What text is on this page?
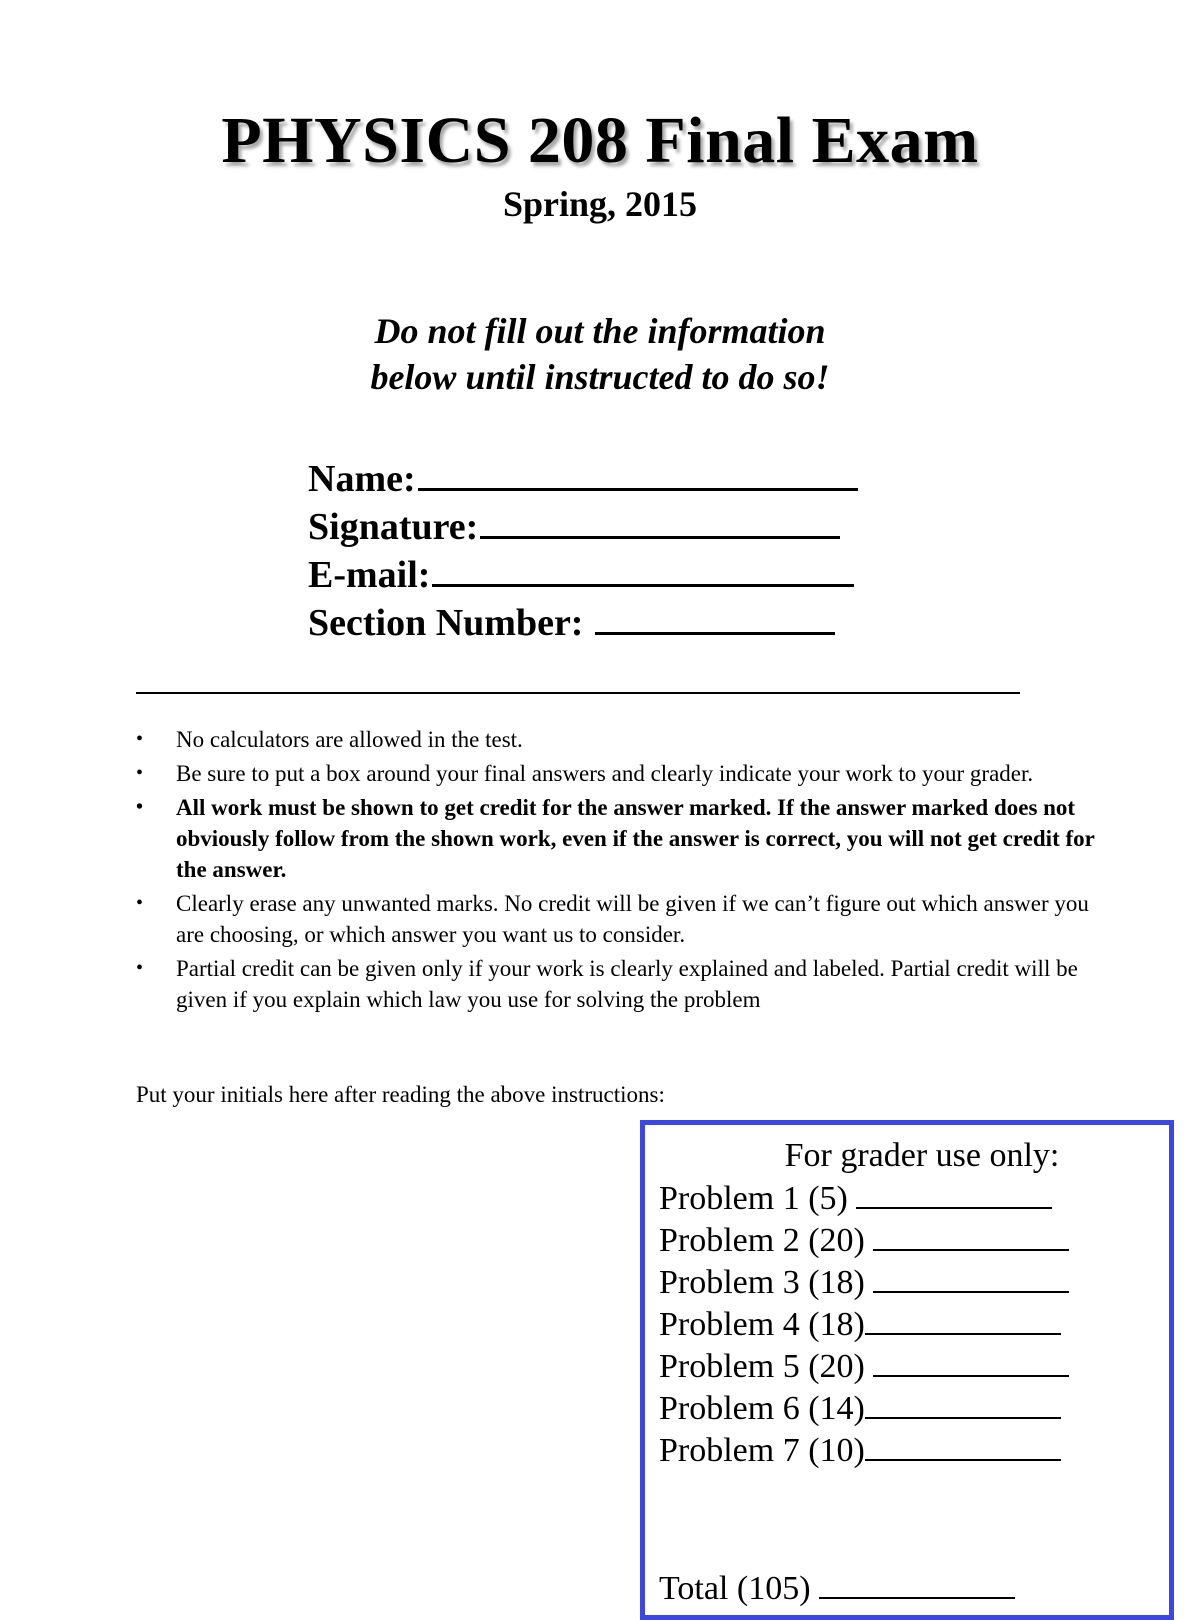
PHYSICS 208 Final Exam
Spring, 2015
Do not fill out the information
below until instructed to do so!
Name:
Signature:
E-mail:
Section Number:
• No calculators are allowed in the test.
• Be sure to put a box around your final answers and clearly indicate your work to your grader.
• All work must be shown to get credit for the answer marked. If the answer marked does not obviously follow from the shown work, even if the answer is correct, you will not get credit for the answer.
• Clearly erase any unwanted marks. No credit will be given if we can’t figure out which answer you are choosing, or which answer you want us to consider.
• Partial credit can be given only if your work is clearly explained and labeled. Partial credit will be given if you explain which law you use for solving the problem
Put your initials here after reading the above instructions:
For grader use only:
Problem 1 (5)
Problem 2 (20)
Problem 3 (18)
Problem 4 (18)
Problem 5 (20)
Problem 6 (14)
Problem 7 (10)
Total (105)
